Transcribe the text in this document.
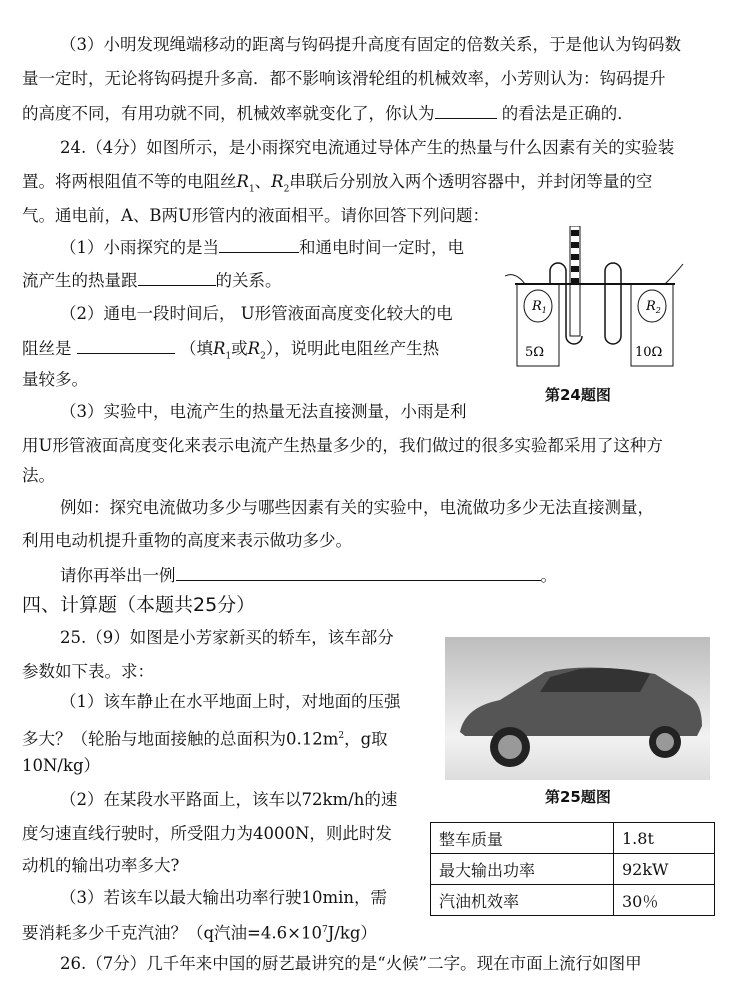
（3）小明发现绳端移动的距离与钩码提升高度有固定的倍数关系，于是他认为钩码数
量一定时，无论将钩码提升多高．都不影响该滑轮组的机械效率，小芳则认为：钩码提升
的高度不同，有用功就不同，机械效率就变化了，你认为	的看法是正确的．
24.（4分）如图所示，是小雨探究电流通过导体产生的热量与什么因素有关的实验装
置。将两根阻值不等的电阻丝$R_1$、$R_2$串联后分别放入两个透明容器中，并封闭等量的空
气。通电前，A、B两U形管内的液面相平。请你回答下列问题：
（1）小雨探究的是当	和通电时间一定时，电
流产生的热量跟	的关系。
（2）通电一段时间后， U形管液面高度变化较大的电
阻丝是	（填$R_1$或$R_2$），说明此电阻丝产生热
量较多。
（3）实验中，电流产生的热量无法直接测量，小雨是利
用U形管液面高度变化来表示电流产生热量多少的，我们做过的很多实验都采用了这种方
法。
例如：探究电流做功多少与哪些因素有关的实验中，电流做功多少无法直接测量，
利用电动机提升重物的高度来表示做功多少。
请你再举出一例	。
$R_1$	$R_2$
5Ω	10Ω
第24题图
四、计算题（本题共25分）
25.（9）如图是小芳家新买的轿车，该车部分
参数如下表。求：
（1）该车静止在水平地面上时，对地面的压强
多大？（轮胎与地面接触的总面积为$0.12m^2$，g取
10N/kg）
（2）在某段水平路面上，该车以72km/h的速
度匀速直线行驶时，所受阻力为4000N，则此时发
动机的输出功率多大?
（3）若该车以最大输出功率行驶10min，需
要消耗多少千克汽油？（q汽油$=4.6\times 10^7J/kg$）
第25题图
整车质量	1.8t
最大输出功率	92kW
汽油机效率	30％
26.（7分）几千年来中国的厨艺最讲究的是“火候”二字。现在市面上流行如图甲
